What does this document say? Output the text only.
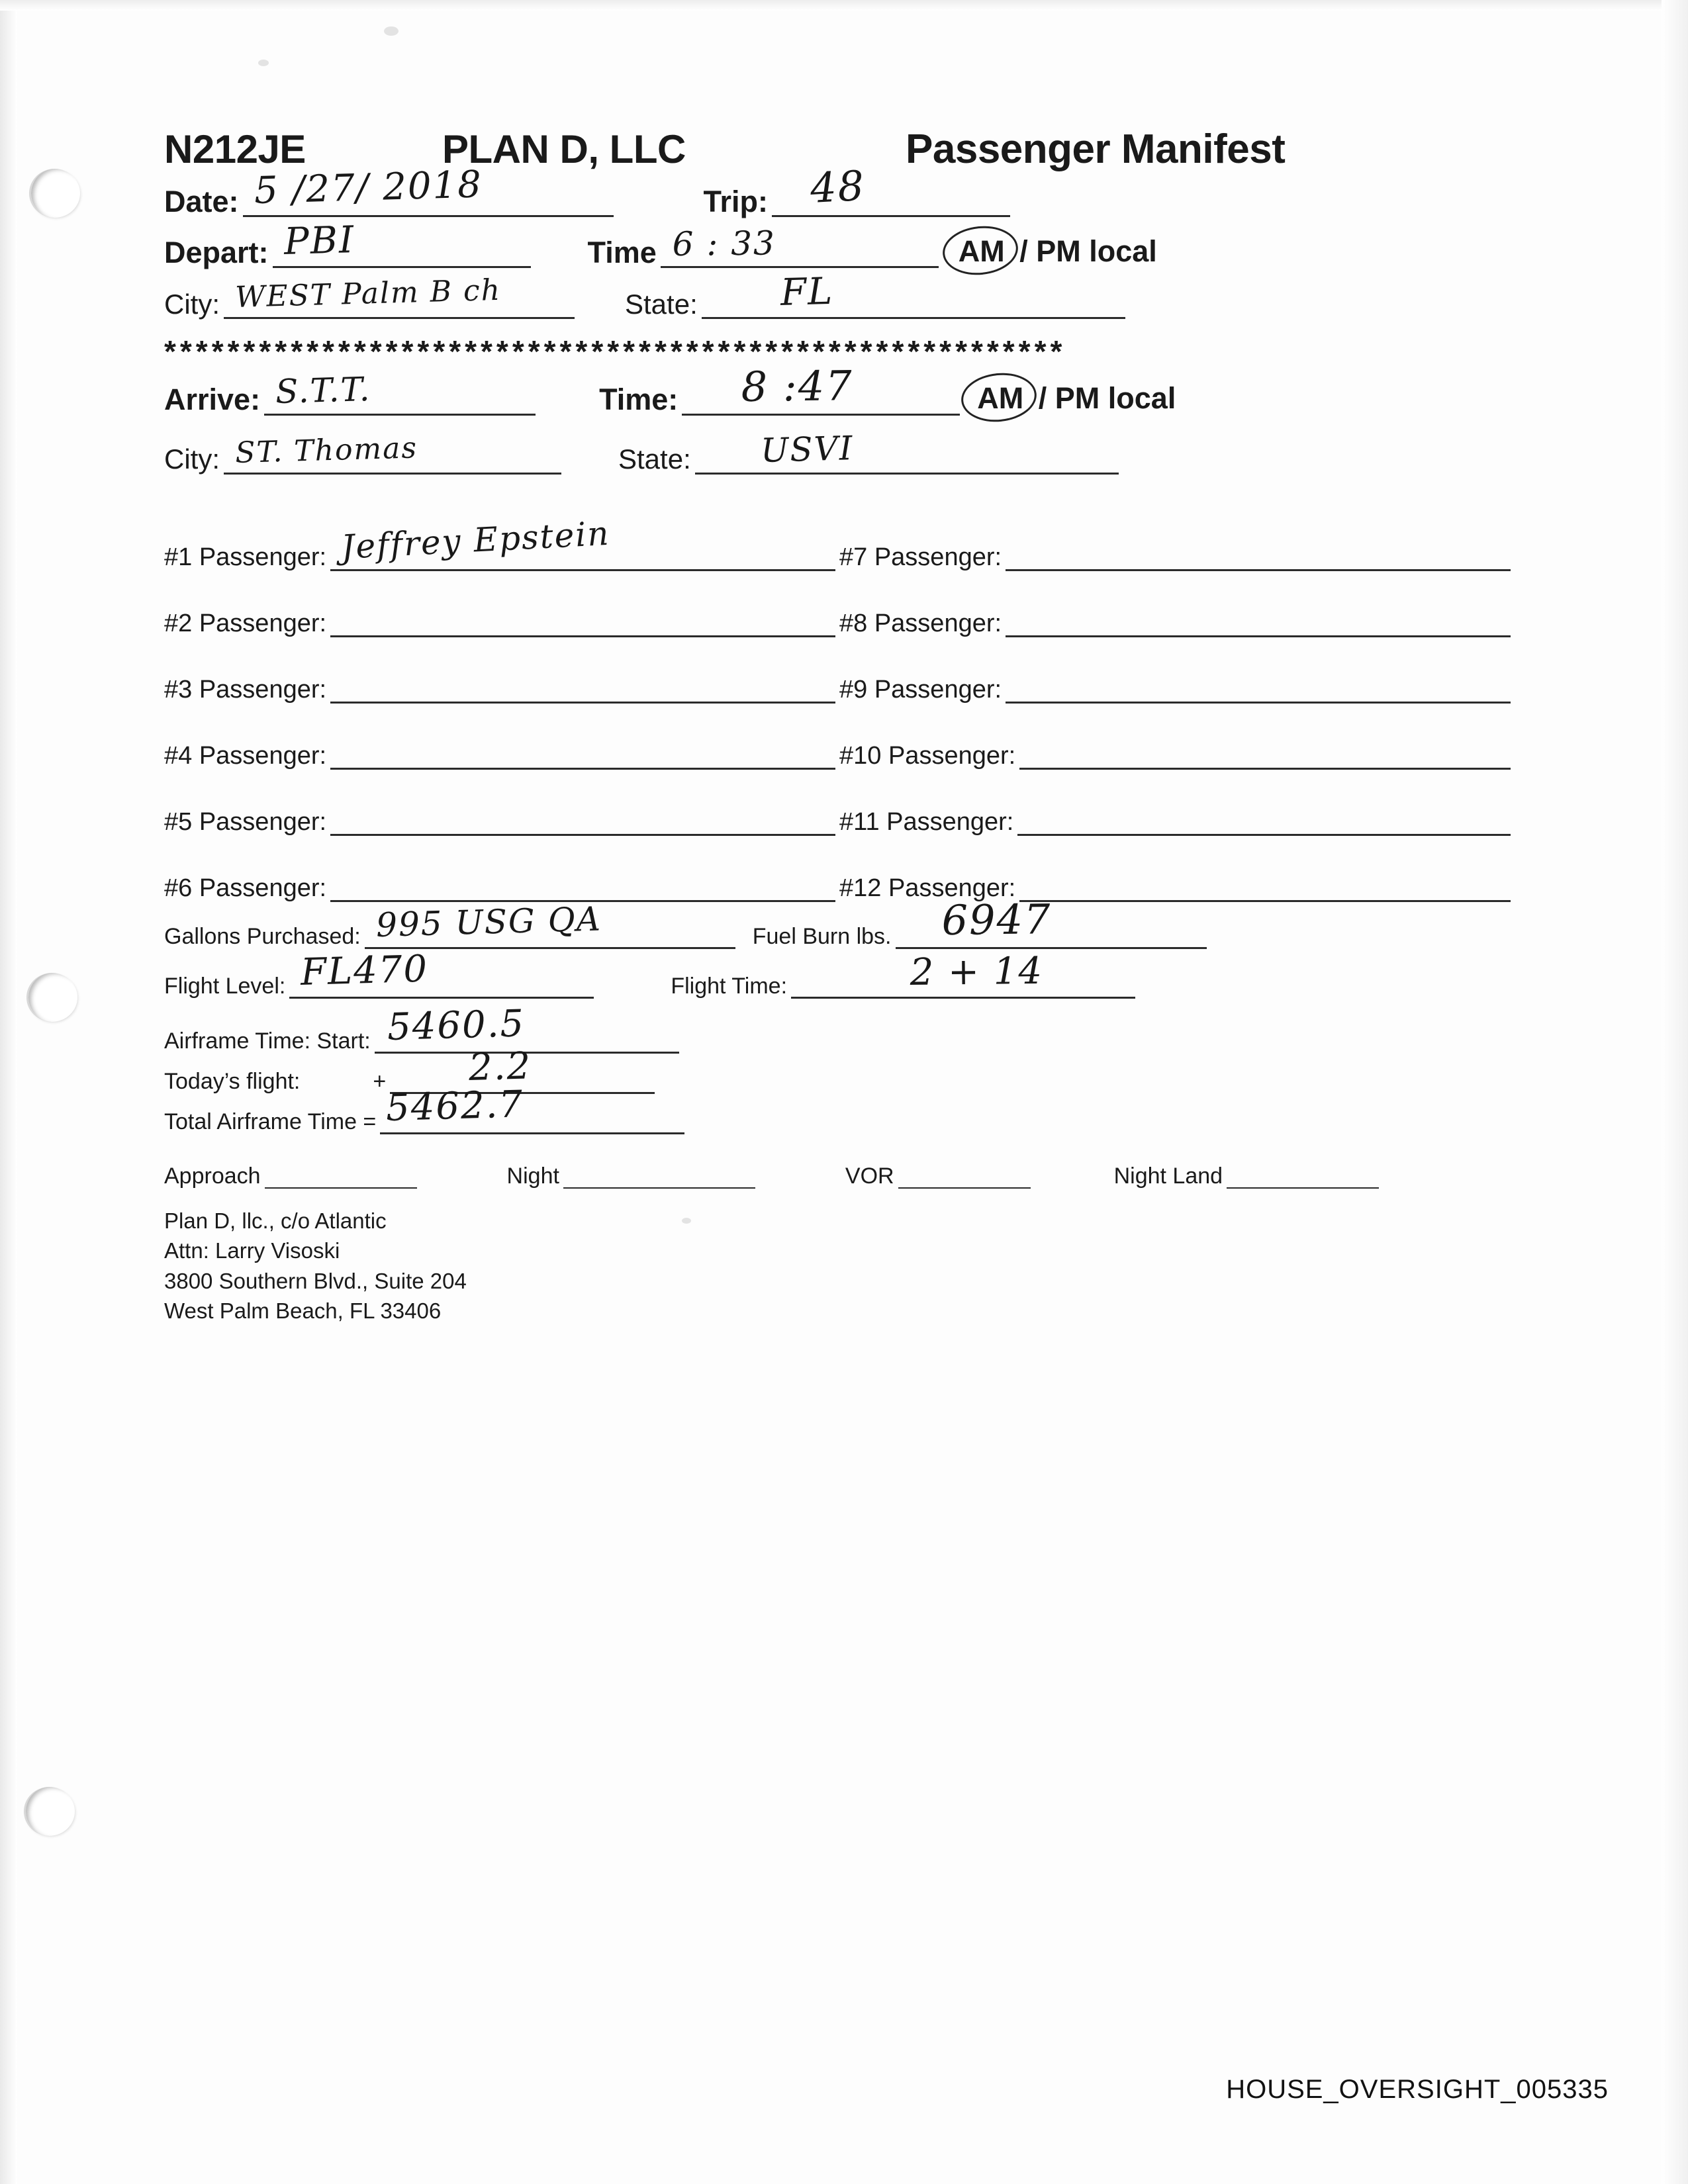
N212JE	PLAN D, LLC	Passenger Manifest
Date: 5 /27/ 2018	Trip: 48
Depart: PBI	Time 6 : 33	AM / PM local
City: WEST Palm B ch	State: FL
*********************************************************
Arrive: S.T.T.	Time: 8 :47	AM / PM local
City: ST. Thomas	State: USVI
#1 Passenger: Jeffrey Epstein
#2 Passenger:
#3 Passenger:
#4 Passenger:
#5 Passenger:
#6 Passenger:
#7 Passenger:
#8 Passenger:
#9 Passenger:
#10 Passenger:
#11 Passenger:
#12 Passenger:
Gallons Purchased: 995 USG QA	Fuel Burn lbs. 6947
Flight Level: FL470	Flight Time:	2 + 14
Airframe Time: Start: 5460.5
Today’s flight:	+ 2.2
Total Airframe Time = 5462.7
Approach	Night	VOR	Night Land
Plan D, llc., c/o Atlantic
Attn: Larry Visoski
3800 Southern Blvd., Suite 204
West Palm Beach, FL 33406
HOUSE_OVERSIGHT_005335
